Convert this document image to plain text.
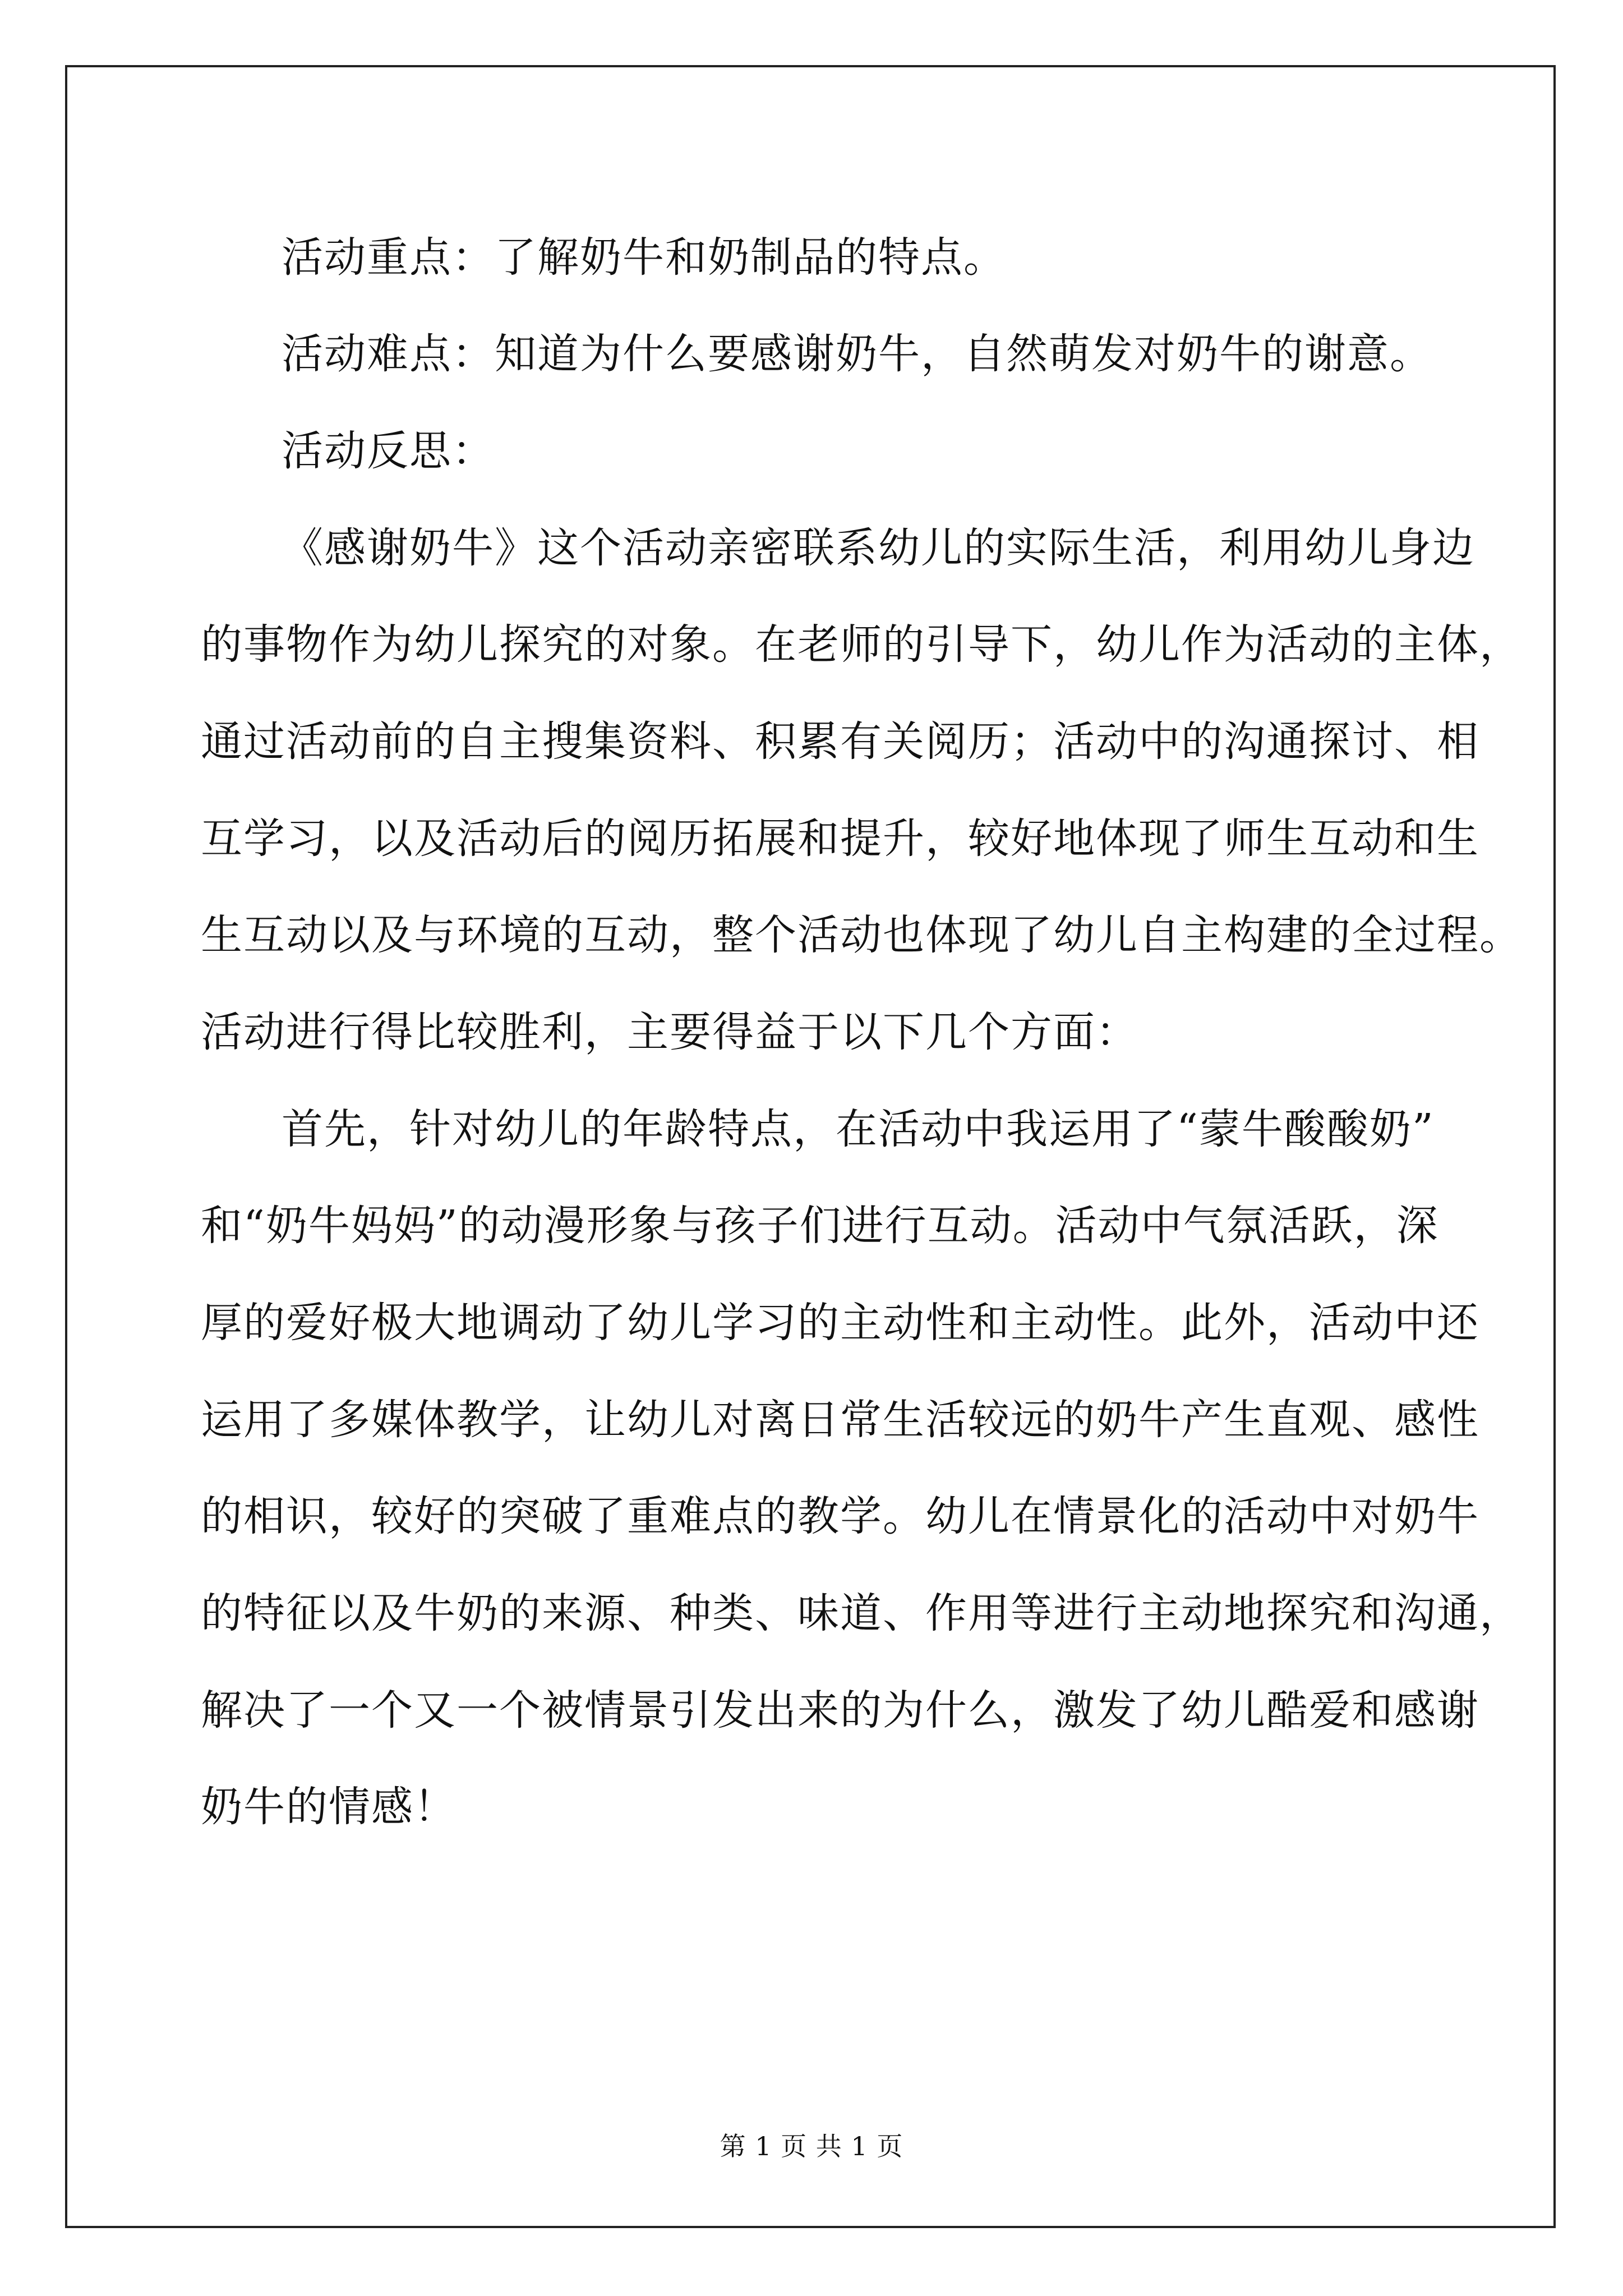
活动重点：了解奶牛和奶制品的特点。

活动难点：知道为什么要感谢奶牛，自然萌发对奶牛的谢意。

活动反思：

《感谢奶牛》这个活动亲密联系幼儿的实际生活，利用幼儿身边

的事物作为幼儿探究的对象。在老师的引导下，幼儿作为活动的主体，

通过活动前的自主搜集资料、积累有关阅历；活动中的沟通探讨、相

互学习，以及活动后的阅历拓展和提升，较好地体现了师生互动和生

生互动以及与环境的互动，整个活动也体现了幼儿自主构建的全过程。

活动进行得比较胜利，主要得益于以下几个方面：

首先，针对幼儿的年龄特点，在活动中我运用了“蒙牛酸酸奶”

和“奶牛妈妈”的动漫形象与孩子们进行互动。活动中气氛活跃，深

厚的爱好极大地调动了幼儿学习的主动性和主动性。此外，活动中还

运用了多媒体教学，让幼儿对离日常生活较远的奶牛产生直观、感性

的相识，较好的突破了重难点的教学。幼儿在情景化的活动中对奶牛

的特征以及牛奶的来源、种类、味道、作用等进行主动地探究和沟通，

解决了一个又一个被情景引发出来的为什么，激发了幼儿酷爱和感谢

奶牛的情感！

第 1 页 共 1 页
